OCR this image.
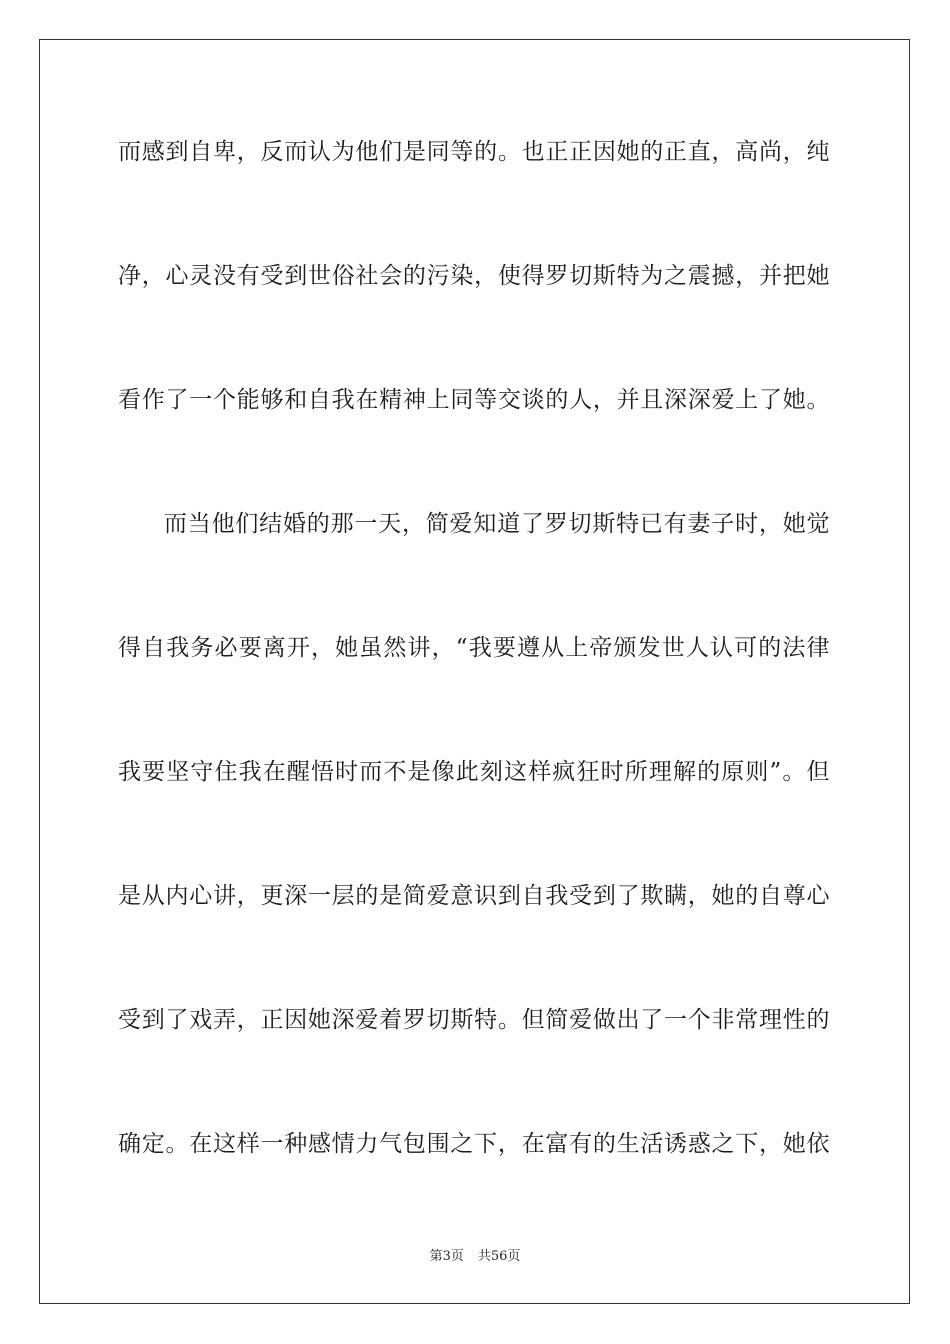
而感到自卑，反而认为他们是同等的。也正正因她的正直，高尚，纯
净，心灵没有受到世俗社会的污染，使得罗切斯特为之震撼，并把她
看作了一个能够和自我在精神上同等交谈的人，并且深深爱上了她。
而当他们结婚的那一天，简爱知道了罗切斯特已有妻子时，她觉
得自我务必要离开，她虽然讲，“我要遵从上帝颁发世人认可的法律
我要坚守住我在醒悟时而不是像此刻这样疯狂时所理解的原则”。但
是从内心讲，更深一层的是简爱意识到自我受到了欺瞒，她的自尊心
受到了戏弄，正因她深爱着罗切斯特。但简爱做出了一个非常理性的
确定。在这样一种感情力气包围之下，在富有的生活诱惑之下，她依
第3页 共56页
